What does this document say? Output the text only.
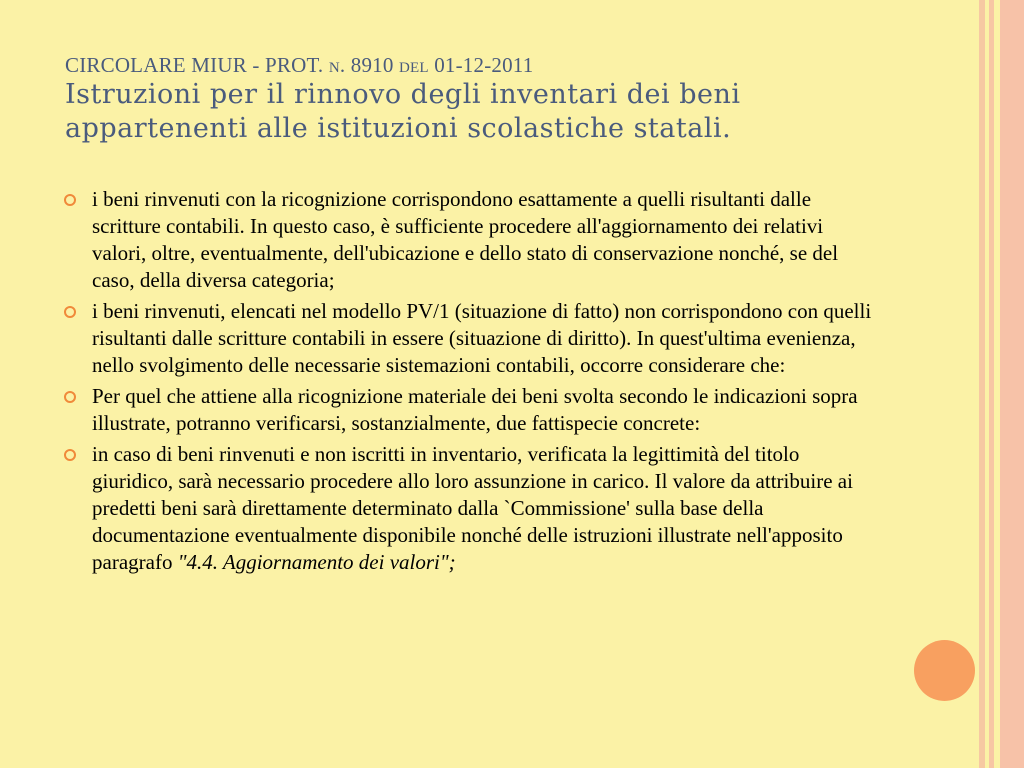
CIRCOLARE MIUR - PROT. n. 8910 del 01-12-2011
Istruzioni per il rinnovo degli inventari dei beni appartenenti alle istituzioni scolastiche statali.
i beni rinvenuti con la ricognizione corrispondono esattamente a quelli risultanti dalle scritture contabili. In questo caso, è sufficiente procedere all'aggiornamento dei relativi valori, oltre, eventualmente, dell'ubicazione e dello stato di conservazione nonché, se del caso, della diversa categoria;
i beni rinvenuti, elencati nel modello PV/1 (situazione di fatto) non corrispondono con quelli risultanti dalle scritture contabili in essere (situazione di diritto). In quest'ultima evenienza, nello svolgimento delle necessarie sistemazioni contabili, occorre considerare che:
Per quel che attiene alla ricognizione materiale dei beni svolta secondo le indicazioni sopra illustrate, potranno verificarsi, sostanzialmente, due fattispecie concrete:
in caso di beni rinvenuti e non iscritti in inventario, verificata la legittimità del titolo giuridico, sarà necessario procedere allo loro assunzione in carico. Il valore da attribuire ai predetti beni sarà direttamente determinato dalla `Commissione' sulla base della documentazione eventualmente disponibile nonché delle istruzioni illustrate nell'apposito paragrafo "4.4. Aggiornamento dei valori";
